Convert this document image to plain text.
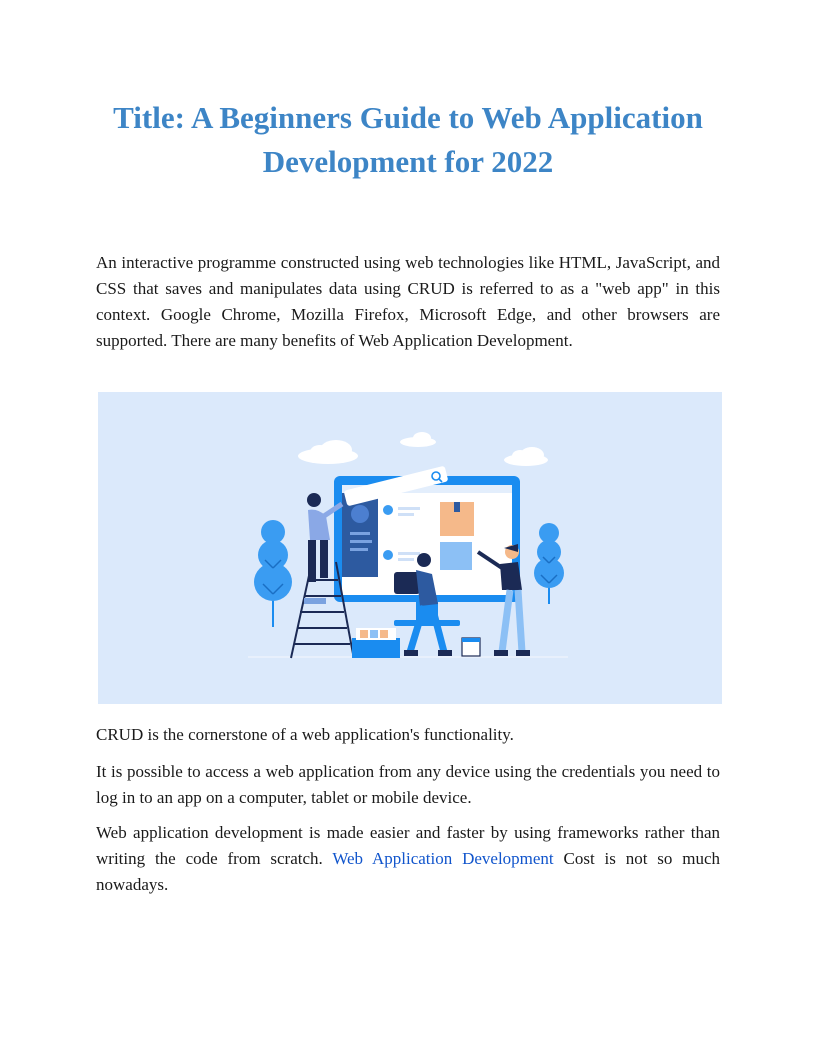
Title: A Beginners Guide to Web Application Development for 2022

An interactive programme constructed using web technologies like HTML, JavaScript, and CSS that saves and manipulates data using CRUD is referred to as a "web app" in this context. Google Chrome, Mozilla Firefox, Microsoft Edge, and other browsers are supported. There are many benefits of Web Application Development.

CRUD is the cornerstone of a web application's functionality.

It is possible to access a web application from any device using the credentials you need to log in to an app on a computer, tablet or mobile device.

Web application development is made easier and faster by using frameworks rather than writing the code from scratch. Web Application Development Cost is not so much nowadays.
